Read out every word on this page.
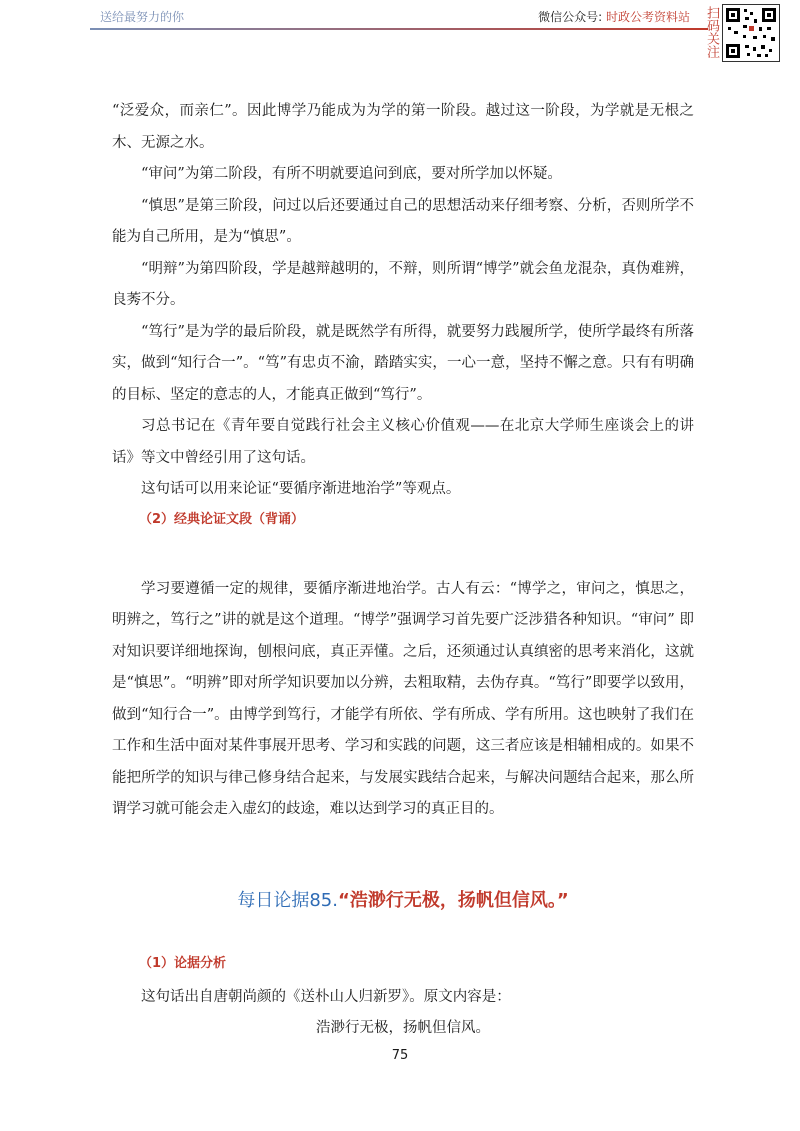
送给最努力的你	微信公众号: 时政公考资料站	扫码关注

“泛爱众，而亲仁”。因此博学乃能成为为学的第一阶段。越过这一阶段，为学就是无根之木、无源之水。

“审问”为第二阶段，有所不明就要追问到底，要对所学加以怀疑。

“慎思”是第三阶段，问过以后还要通过自己的思想活动来仔细考察、分析，否则所学不能为自己所用，是为“慎思”。

“明辩”为第四阶段，学是越辩越明的，不辩，则所谓“博学”就会鱼龙混杂，真伪难辨，良莠不分。

“笃行”是为学的最后阶段，就是既然学有所得，就要努力践履所学，使所学最终有所落实，做到“知行合一”。“笃”有忠贞不渝，踏踏实实，一心一意，坚持不懈之意。只有有明确的目标、坚定的意志的人，才能真正做到“笃行”。

习总书记在《青年要自觉践行社会主义核心价值观——在北京大学师生座谈会上的讲话》等文中曾经引用了这句话。

这句话可以用来论证“要循序渐进地治学”等观点。

（2）经典论证文段（背诵）

学习要遵循一定的规律，要循序渐进地治学。古人有云：“博学之，审问之，慎思之，明辨之，笃行之”讲的就是这个道理。“博学”强调学习首先要广泛涉猎各种知识。“审问” 即对知识要详细地探询，刨根问底，真正弄懂。之后，还须通过认真缜密的思考来消化，这就是“慎思”。“明辨”即对所学知识要加以分辨，去粗取精，去伪存真。“笃行”即要学以致用，做到“知行合一”。由博学到笃行，才能学有所依、学有所成、学有所用。这也映射了我们在工作和生活中面对某件事展开思考、学习和实践的问题，这三者应该是相辅相成的。如果不能把所学的知识与律己修身结合起来，与发展实践结合起来，与解决问题结合起来，那么所谓学习就可能会走入虚幻的歧途，难以达到学习的真正目的。

每日论据85.“浩渺行无极，扬帆但信风。”
（1）论据分析

这句话出自唐朝尚颜的《送朴山人归新罗》。原文内容是：

浩渺行无极，扬帆但信风。

75
